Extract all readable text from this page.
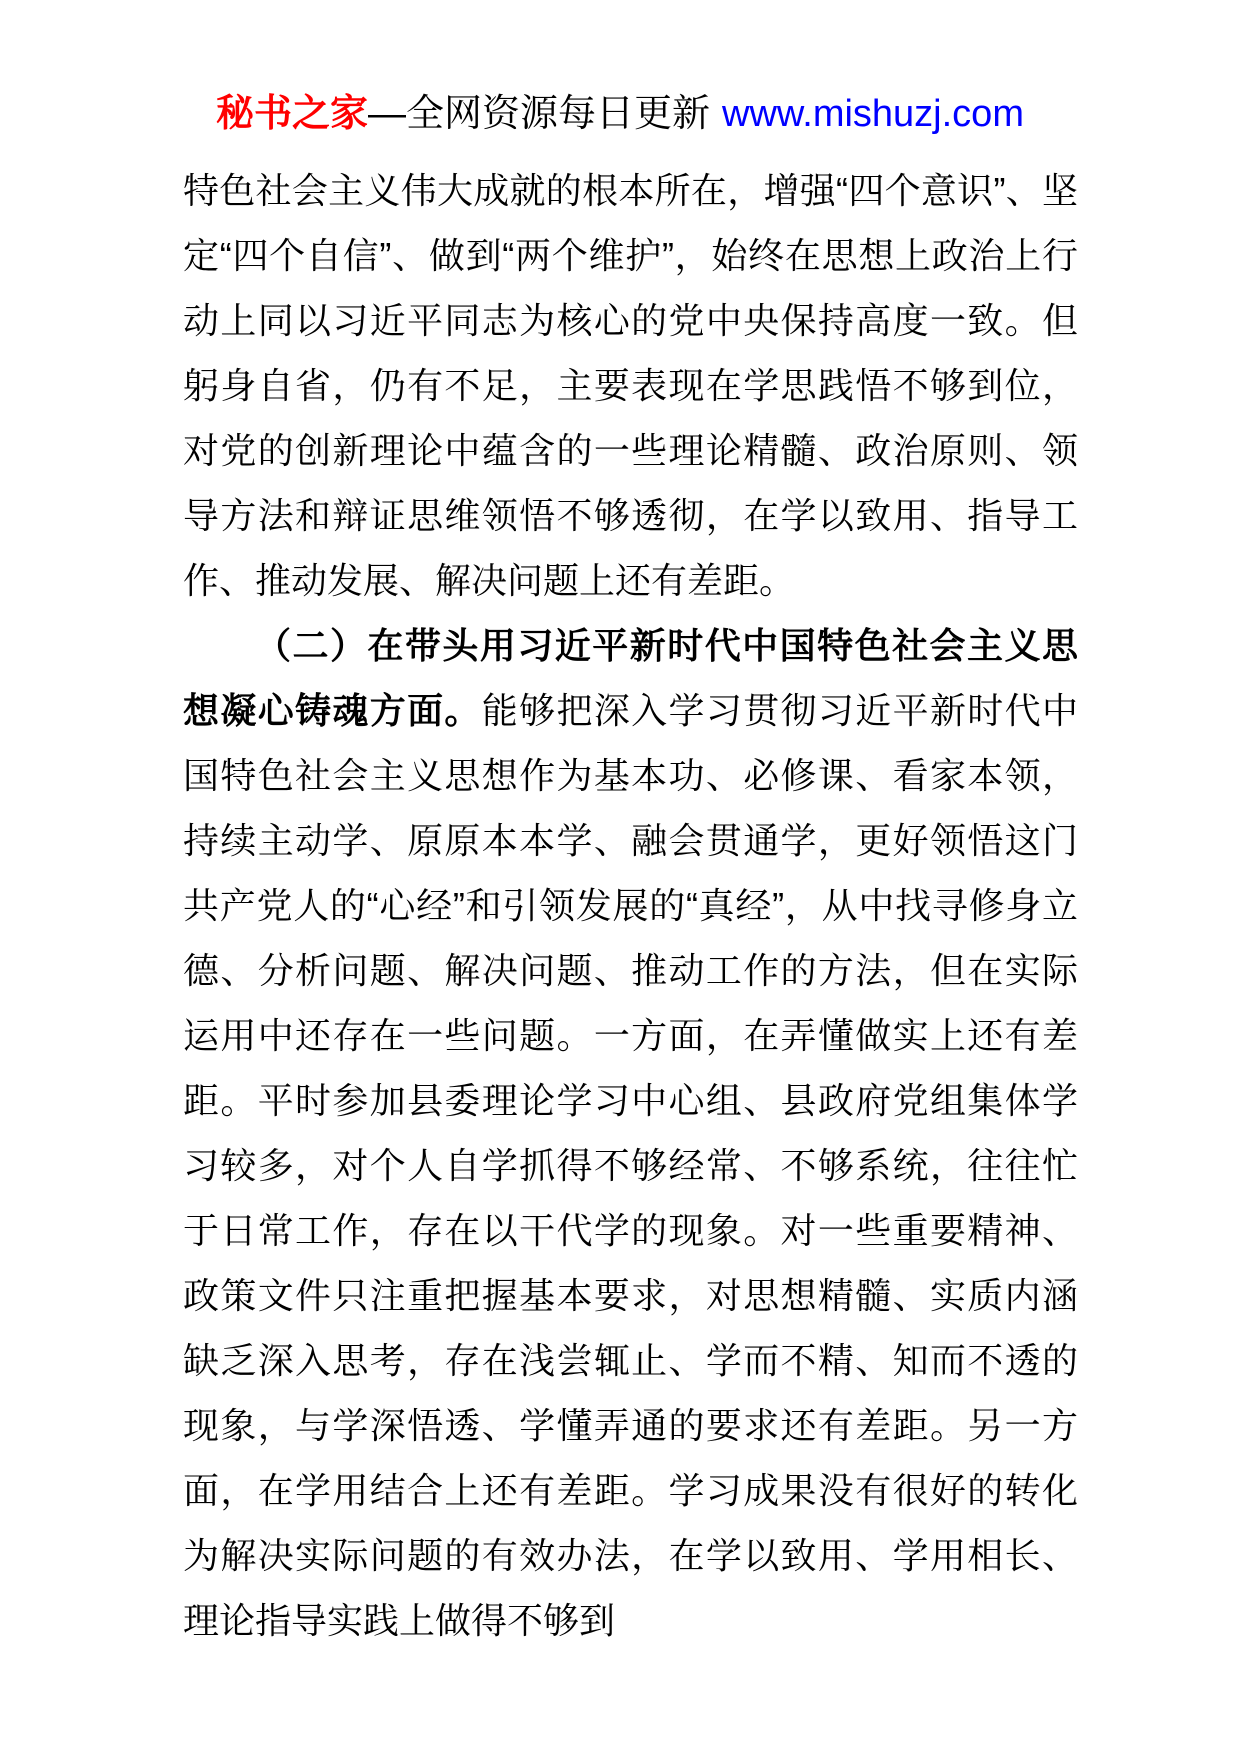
秘书之家—全网资源每日更新 www.mishuzj.com

特色社会主义伟大成就的根本所在，增强“四个意识”、坚定“四个自信”、做到“两个维护”，始终在思想上政治上行动上同以习近平同志为核心的党中央保持高度一致。但躬身自省，仍有不足，主要表现在学思践悟不够到位，对党的创新理论中蕴含的一些理论精髓、政治原则、领导方法和辩证思维领悟不够透彻，在学以致用、指导工作、推动发展、解决问题上还有差距。

（二）在带头用习近平新时代中国特色社会主义思想凝心铸魂方面。能够把深入学习贯彻习近平新时代中国特色社会主义思想作为基本功、必修课、看家本领，持续主动学、原原本本学、融会贯通学，更好领悟这门共产党人的“心经”和引领发展的“真经”，从中找寻修身立德、分析问题、解决问题、推动工作的方法，但在实际运用中还存在一些问题。一方面，在弄懂做实上还有差距。平时参加县委理论学习中心组、县政府党组集体学习较多，对个人自学抓得不够经常、不够系统，往往忙于日常工作，存在以干代学的现象。对一些重要精神、政策文件只注重把握基本要求，对思想精髓、实质内涵缺乏深入思考，存在浅尝辄止、学而不精、知而不透的现象，与学深悟透、学懂弄通的要求还有差距。另一方面，在学用结合上还有差距。学习成果没有很好的转化为解决实际问题的有效办法，在学以致用、学用相长、理论指导实践上做得不够到
